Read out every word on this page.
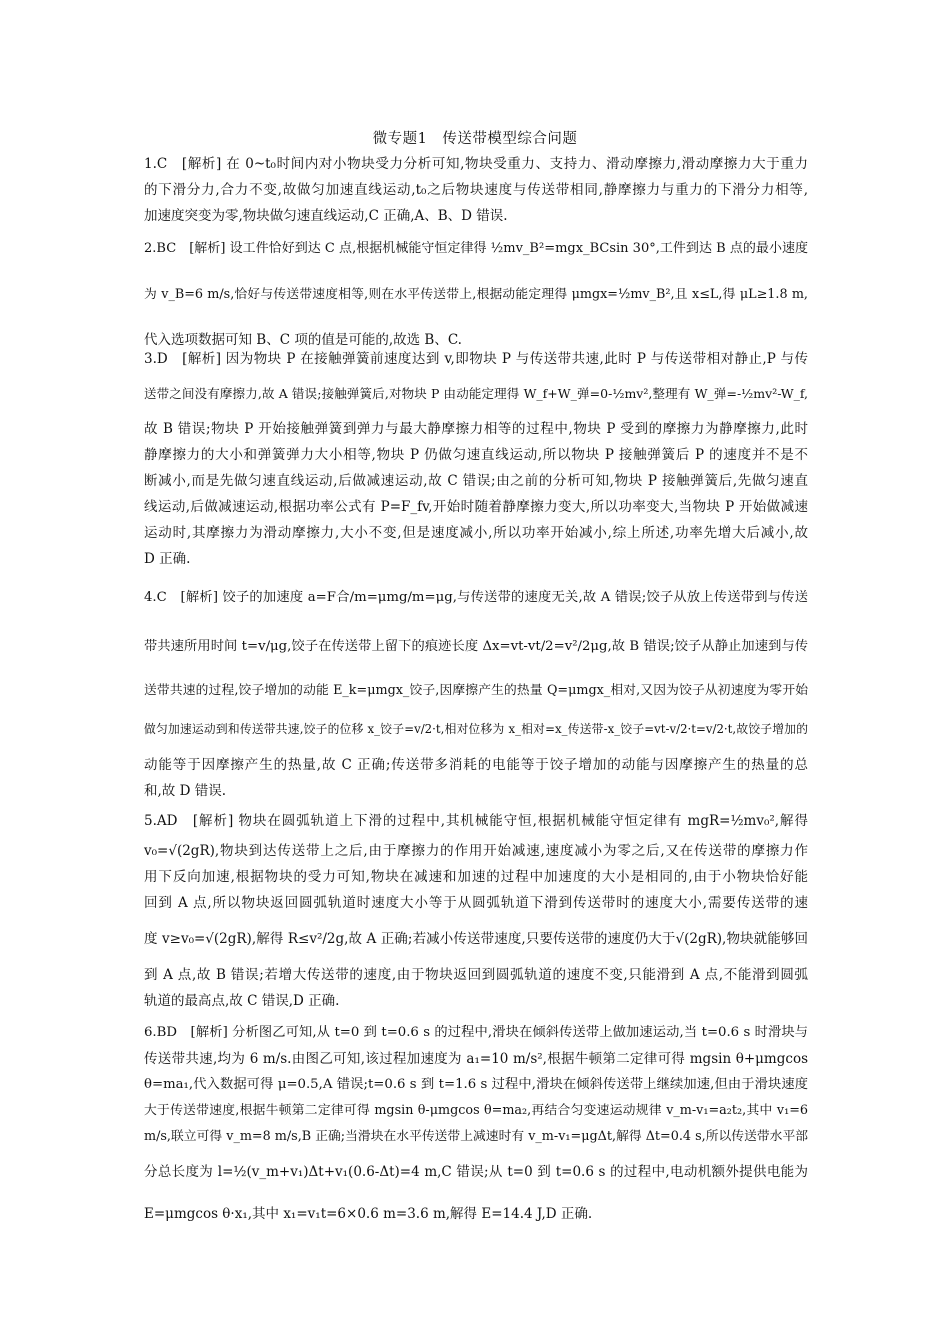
微专题1　传送带模型综合问题
1.C　[解析] 在 0~t₀时间内对小物块受力分析可知,物块受重力、支持力、滑动摩擦力,滑动摩擦力大于重力
的下滑分力,合力不变,故做匀加速直线运动,t₀之后物块速度与传送带相同,静摩擦力与重力的下滑分力相等,
加速度突变为零,物块做匀速直线运动,C 正确,A、B、D 错误.
2.BC　[解析] 设工件恰好到达 C 点,根据机械能守恒定律得 ½mv_B²=mgx_BCsin 30°,工件到达 B 点的最小速度
为 v_B=6 m/s,恰好与传送带速度相等,则在水平传送带上,根据动能定理得 μmgx=½mv_B²,且 x≤L,得 μL≥1.8 m,
代入选项数据可知 B、C 项的值是可能的,故选 B、C.
3.D　[解析] 因为物块 P 在接触弹簧前速度达到 v,即物块 P 与传送带共速,此时 P 与传送带相对静止,P 与传
送带之间没有摩擦力,故 A 错误;接触弹簧后,对物块 P 由动能定理得 W_f+W_弹=0-½mv²,整理有 W_弹=-½mv²-W_f,
故 B 错误;物块 P 开始接触弹簧到弹力与最大静摩擦力相等的过程中,物块 P 受到的摩擦力为静摩擦力,此时
静摩擦力的大小和弹簧弹力大小相等,物块 P 仍做匀速直线运动,所以物块 P 接触弹簧后 P 的速度并不是不
断减小,而是先做匀速直线运动,后做减速运动,故 C 错误;由之前的分析可知,物块 P 接触弹簧后,先做匀速直
线运动,后做减速运动,根据功率公式有 P=F_fv,开始时随着静摩擦力变大,所以功率变大,当物块 P 开始做减速
运动时,其摩擦力为滑动摩擦力,大小不变,但是速度减小,所以功率开始减小,综上所述,功率先增大后减小,故
D 正确.
4.C　[解析] 饺子的加速度 a=F合/m=μmg/m=μg,与传送带的速度无关,故 A 错误;饺子从放上传送带到与传送
带共速所用时间 t=v/μg,饺子在传送带上留下的痕迹长度 Δx=vt-vt/2=v²/2μg,故 B 错误;饺子从静止加速到与传
送带共速的过程,饺子增加的动能 E_k=μmgx_饺子,因摩擦产生的热量 Q=μmgx_相对,又因为饺子从初速度为零开始
做匀加速运动到和传送带共速,饺子的位移 x_饺子=v/2·t,相对位移为 x_相对=x_传送带-x_饺子=vt-v/2·t=v/2·t,故饺子增加的
动能等于因摩擦产生的热量,故 C 正确;传送带多消耗的电能等于饺子增加的动能与因摩擦产生的热量的总
和,故 D 错误.
5.AD　[解析] 物块在圆弧轨道上下滑的过程中,其机械能守恒,根据机械能守恒定律有 mgR=½mv₀²,解得
v₀=√(2gR),物块到达传送带上之后,由于摩擦力的作用开始减速,速度减小为零之后,又在传送带的摩擦力作
用下反向加速,根据物块的受力可知,物块在减速和加速的过程中加速度的大小是相同的,由于小物块恰好能
回到 A 点,所以物块返回圆弧轨道时速度大小等于从圆弧轨道下滑到传送带时的速度大小,需要传送带的速
度 v≥v₀=√(2gR),解得 R≤v²/2g,故 A 正确;若减小传送带速度,只要传送带的速度仍大于√(2gR),物块就能够回
到 A 点,故 B 错误;若增大传送带的速度,由于物块返回到圆弧轨道的速度不变,只能滑到 A 点,不能滑到圆弧
轨道的最高点,故 C 错误,D 正确.
6.BD　[解析] 分析图乙可知,从 t=0 到 t=0.6 s 的过程中,滑块在倾斜传送带上做加速运动,当 t=0.6 s 时滑块与
传送带共速,均为 6 m/s.由图乙可知,该过程加速度为 a₁=10 m/s²,根据牛顿第二定律可得 mgsin θ+μmgcos
θ=ma₁,代入数据可得 μ=0.5,A 错误;t=0.6 s 到 t=1.6 s 过程中,滑块在倾斜传送带上继续加速,但由于滑块速度
大于传送带速度,根据牛顿第二定律可得 mgsin θ-μmgcos θ=ma₂,再结合匀变速运动规律 v_m-v₁=a₂t₂,其中 v₁=6
m/s,联立可得 v_m=8 m/s,B 正确;当滑块在水平传送带上减速时有 v_m-v₁=μgΔt,解得 Δt=0.4 s,所以传送带水平部
分总长度为 l=½(v_m+v₁)Δt+v₁(0.6-Δt)=4 m,C 错误;从 t=0 到 t=0.6 s 的过程中,电动机额外提供电能为
E=μmgcos θ·x₁,其中 x₁=v₁t=6×0.6 m=3.6 m,解得 E=14.4 J,D 正确.
